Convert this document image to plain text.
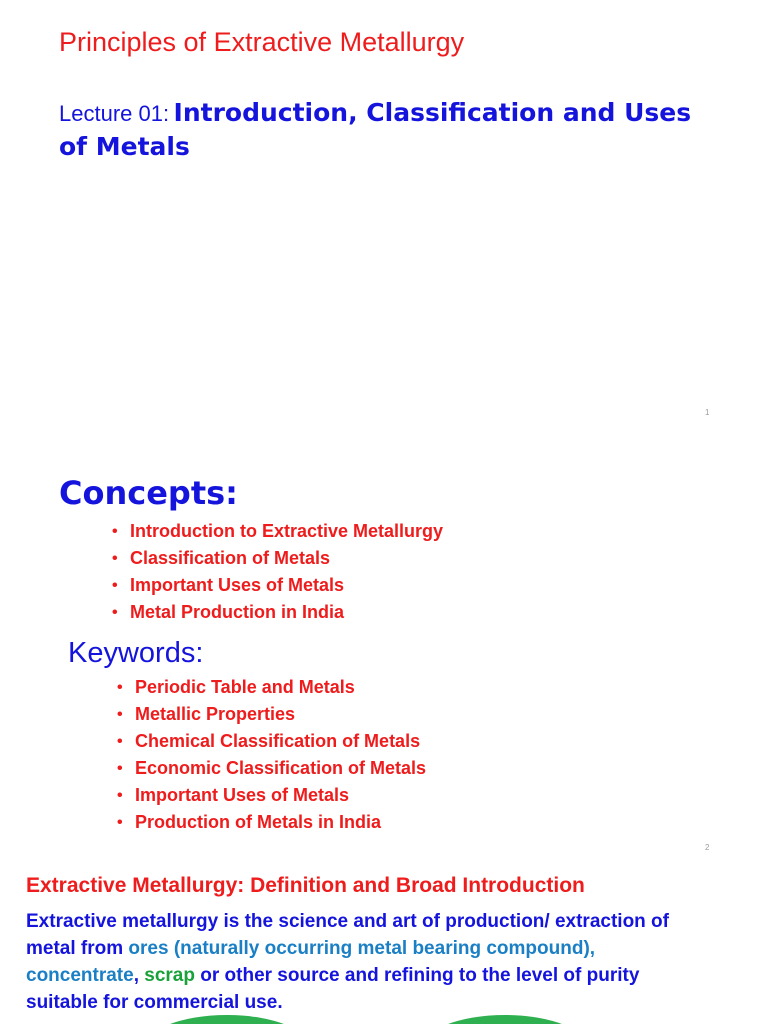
Principles of Extractive Metallurgy
Lecture 01: Introduction, Classification and Uses of Metals
1
Concepts:
• Introduction to Extractive Metallurgy
• Classification of Metals
• Important Uses of Metals
• Metal Production in India
Keywords:
• Periodic Table and Metals
• Metallic Properties
• Chemical Classification of Metals
• Economic Classification of Metals
• Important Uses of Metals
• Production of Metals in India
2
Extractive Metallurgy: Definition and Broad Introduction
Extractive metallurgy is the science and art of production/ extraction of metal from ores (naturally occurring metal bearing compound), concentrate, scrap or other source and refining to the level of purity suitable for commercial use.
